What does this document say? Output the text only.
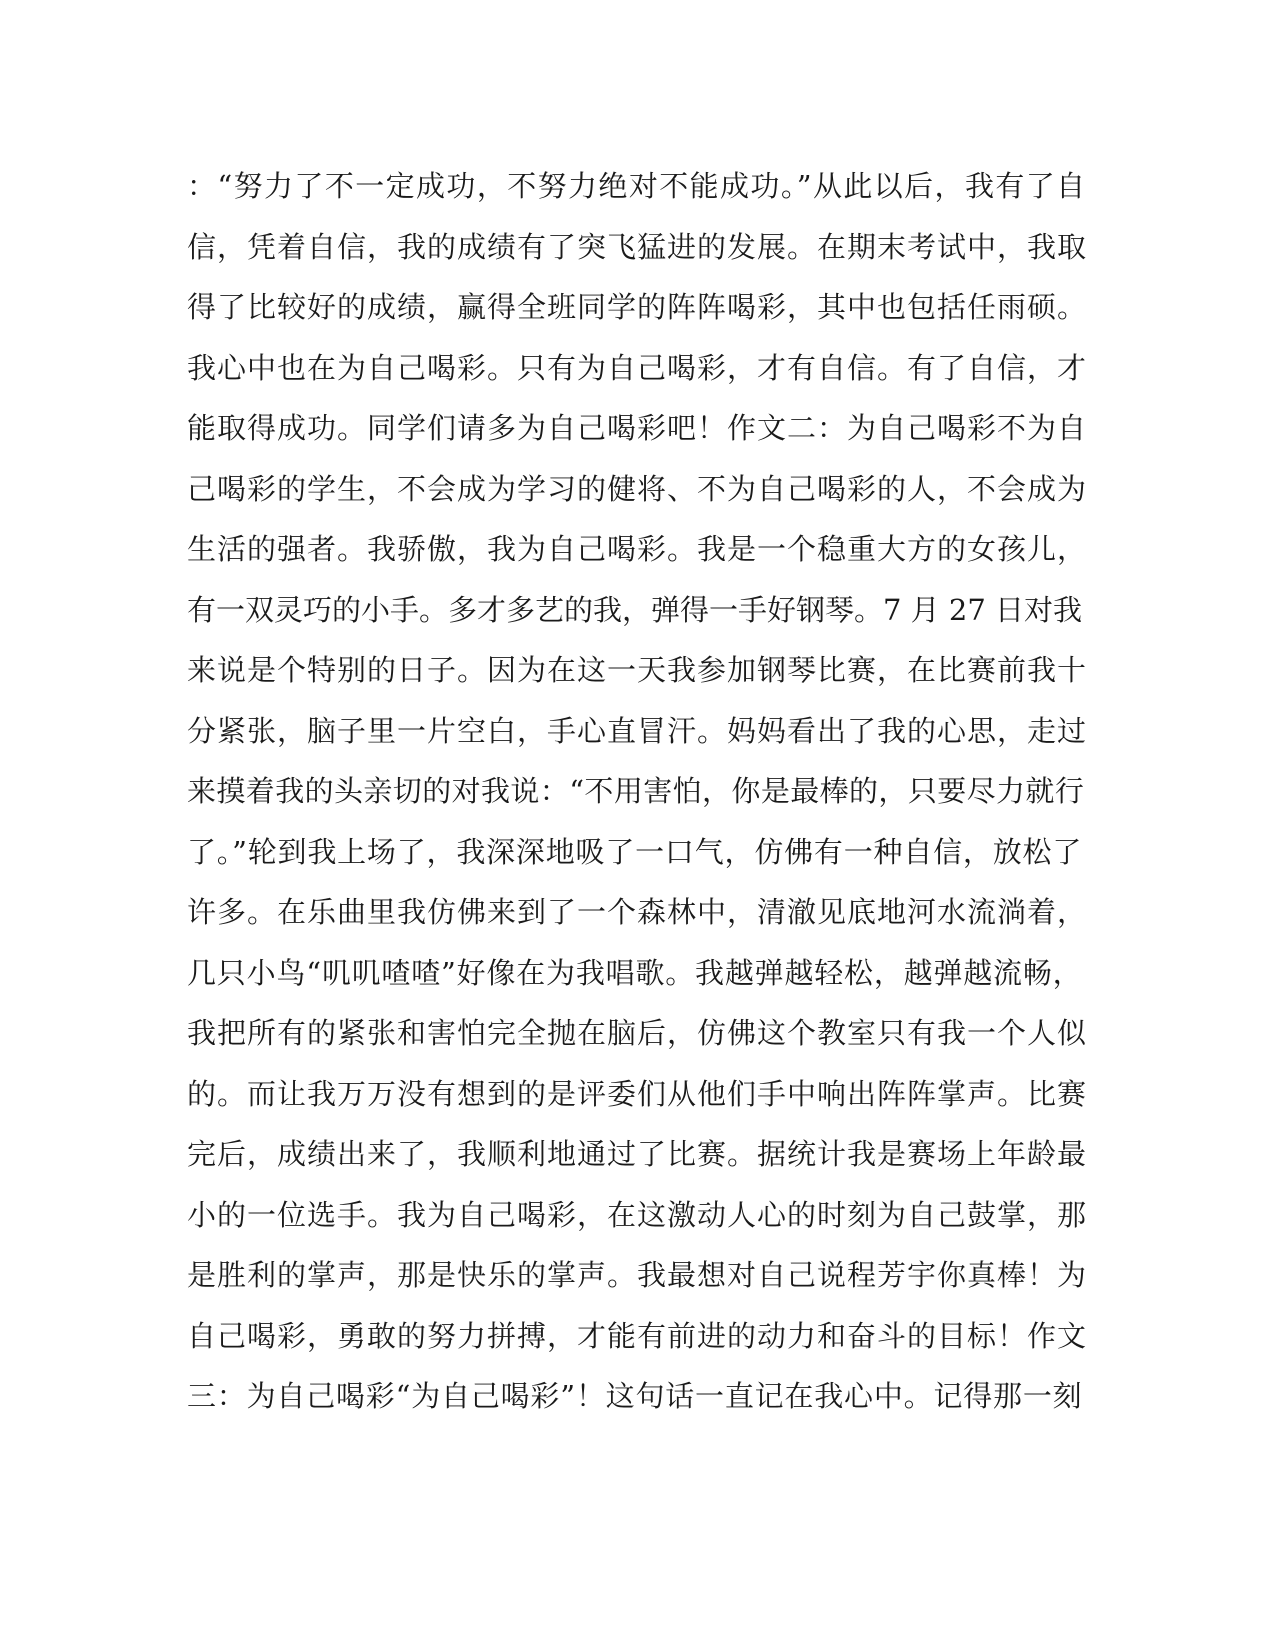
：“努力了不一定成功，不努力绝对不能成功。”从此以后，我有了自
信，凭着自信，我的成绩有了突飞猛进的发展。在期末考试中，我取
得了比较好的成绩，赢得全班同学的阵阵喝彩，其中也包括任雨硕。
我心中也在为自己喝彩。只有为自己喝彩，才有自信。有了自信，才
能取得成功。同学们请多为自己喝彩吧！作文二：为自己喝彩不为自
己喝彩的学生，不会成为学习的健将、不为自己喝彩的人，不会成为
生活的强者。我骄傲，我为自己喝彩。我是一个稳重大方的女孩儿，
有一双灵巧的小手。多才多艺的我，弹得一手好钢琴。7 月 27 日对我
来说是个特别的日子。因为在这一天我参加钢琴比赛，在比赛前我十
分紧张，脑子里一片空白，手心直冒汗。妈妈看出了我的心思，走过
来摸着我的头亲切的对我说：“不用害怕，你是最棒的，只要尽力就行
了。”轮到我上场了，我深深地吸了一口气，仿佛有一种自信，放松了
许多。在乐曲里我仿佛来到了一个森林中，清澈见底地河水流淌着，
几只小鸟“叽叽喳喳”好像在为我唱歌。我越弹越轻松，越弹越流畅，
我把所有的紧张和害怕完全抛在脑后，仿佛这个教室只有我一个人似
的。而让我万万没有想到的是评委们从他们手中响出阵阵掌声。比赛
完后，成绩出来了，我顺利地通过了比赛。据统计我是赛场上年龄最
小的一位选手。我为自己喝彩，在这激动人心的时刻为自己鼓掌，那
是胜利的掌声，那是快乐的掌声。我最想对自己说程芳宇你真棒！为
自己喝彩，勇敢的努力拼搏，才能有前进的动力和奋斗的目标！作文
三：为自己喝彩“为自己喝彩”！这句话一直记在我心中。记得那一刻
